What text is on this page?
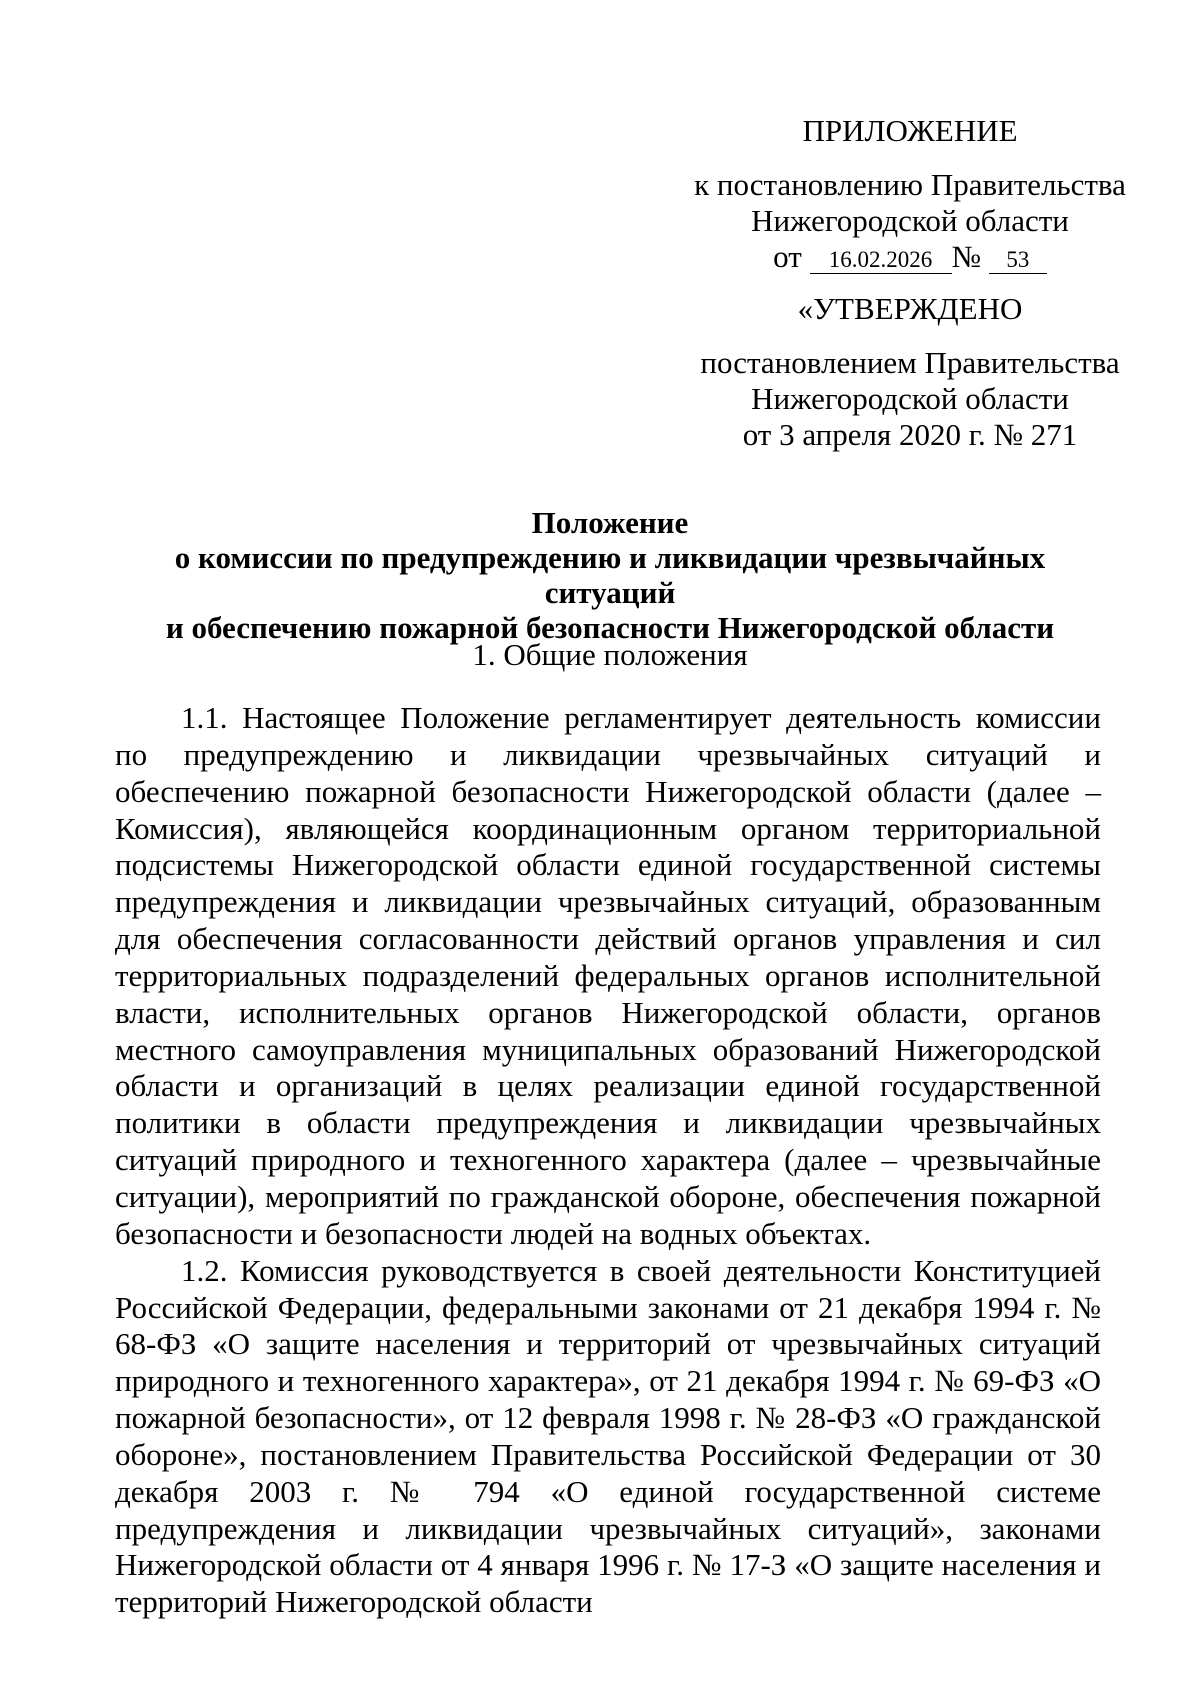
ПРИЛОЖЕНИЕ
к постановлению Правительства
Нижегородской области
от 16.02.2026 № 53
«УТВЕРЖДЕНО
постановлением Правительства
Нижегородской области
от 3 апреля 2020 г. № 271
Положение
о комиссии по предупреждению и ликвидации чрезвычайных ситуаций
и обеспечению пожарной безопасности Нижегородской области
1. Общие положения

1.1. Настоящее Положение регламентирует деятельность комиссии по предупреждению и ликвидации чрезвычайных ситуаций и обеспечению пожарной безопасности Нижегородской области (далее – Комиссия), являющейся координационным органом территориальной подсистемы Нижегородской области единой государственной системы предупреждения и ликвидации чрезвычайных ситуаций, образованным для обеспечения согласованности действий органов управления и сил территориальных подразделений федеральных органов исполнительной власти, исполнительных органов Нижегородской области, органов местного самоуправления муниципальных образований Нижегородской области и организаций в целях реализации единой государственной политики в области предупреждения и ликвидации чрезвычайных ситуаций природного и техногенного характера (далее – чрезвычайные ситуации), мероприятий по гражданской обороне, обеспечения пожарной безопасности и безопасности людей на водных объектах.

1.2. Комиссия руководствуется в своей деятельности Конституцией Российской Федерации, федеральными законами от 21 декабря 1994 г. № 68-ФЗ «О защите населения и территорий от чрезвычайных ситуаций природного и техногенного характера», от 21 декабря 1994 г. № 69-ФЗ «О пожарной безопасности», от 12 февраля 1998 г. № 28-ФЗ «О гражданской обороне», постановлением Правительства Российской Федерации от 30 декабря 2003 г. № 794 «О единой государственной системе предупреждения и ликвидации чрезвычайных ситуаций», законами Нижегородской области от 4 января 1996 г. № 17-З «О защите населения и территорий Нижегородской области
